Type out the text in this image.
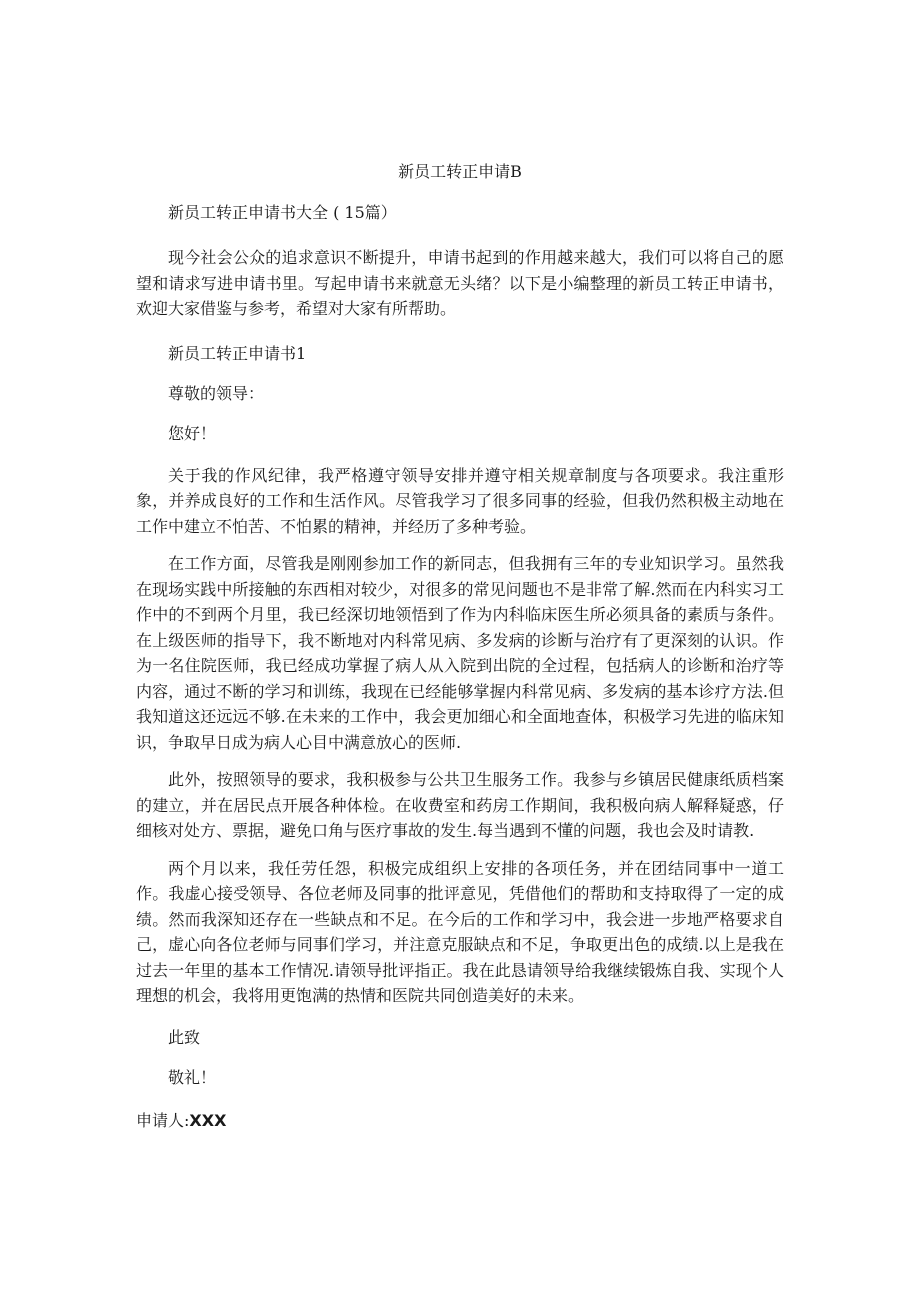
新员工转正申请B

新员工转正申请书大全 ( 15篇）

现今社会公众的追求意识不断提升，申请书起到的作用越来越大，我们可以将自己的愿望和请求写进申请书里。写起申请书来就意无头绪？以下是小编整理的新员工转正申请书，欢迎大家借鉴与参考，希望对大家有所帮助。

新员工转正申请书1

尊敬的领导：

您好！

关于我的作风纪律，我严格遵守领导安排并遵守相关规章制度与各项要求。我注重形象，并养成良好的工作和生活作风。尽管我学习了很多同事的经验，但我仍然积极主动地在工作中建立不怕苦、不怕累的精神，并经历了多种考验。

在工作方面，尽管我是刚刚参加工作的新同志，但我拥有三年的专业知识学习。虽然我在现场实践中所接触的东西相对较少，对很多的常见问题也不是非常了解.然而在内科实习工作中的不到两个月里，我已经深切地领悟到了作为内科临床医生所必须具备的素质与条件。在上级医师的指导下，我不断地对内科常见病、多发病的诊断与治疗有了更深刻的认识。作为一名住院医师，我已经成功掌握了病人从入院到出院的全过程，包括病人的诊断和治疗等内容，通过不断的学习和训练，我现在已经能够掌握内科常见病、多发病的基本诊疗方法.但我知道这还远远不够.在未来的工作中，我会更加细心和全面地查体，积极学习先进的临床知识，争取早日成为病人心目中满意放心的医师.

此外，按照领导的要求，我积极参与公共卫生服务工作。我参与乡镇居民健康纸质档案的建立，并在居民点开展各种体检。在收费室和药房工作期间，我积极向病人解释疑惑，仔细核对处方、票据，避免口角与医疗事故的发生.每当遇到不懂的问题，我也会及时请教.

两个月以来，我任劳任怨，积极完成组织上安排的各项任务，并在团结同事中一道工作。我虚心接受领导、各位老师及同事的批评意见，凭借他们的帮助和支持取得了一定的成绩。然而我深知还存在一些缺点和不足。在今后的工作和学习中，我会进一步地严格要求自己，虚心向各位老师与同事们学习，并注意克服缺点和不足，争取更出色的成绩.以上是我在过去一年里的基本工作情况.请领导批评指正。我在此恳请领导给我继续锻炼自我、实现个人理想的机会，我将用更饱满的热情和医院共同创造美好的未来。

此致

敬礼！

申请人:XXX
